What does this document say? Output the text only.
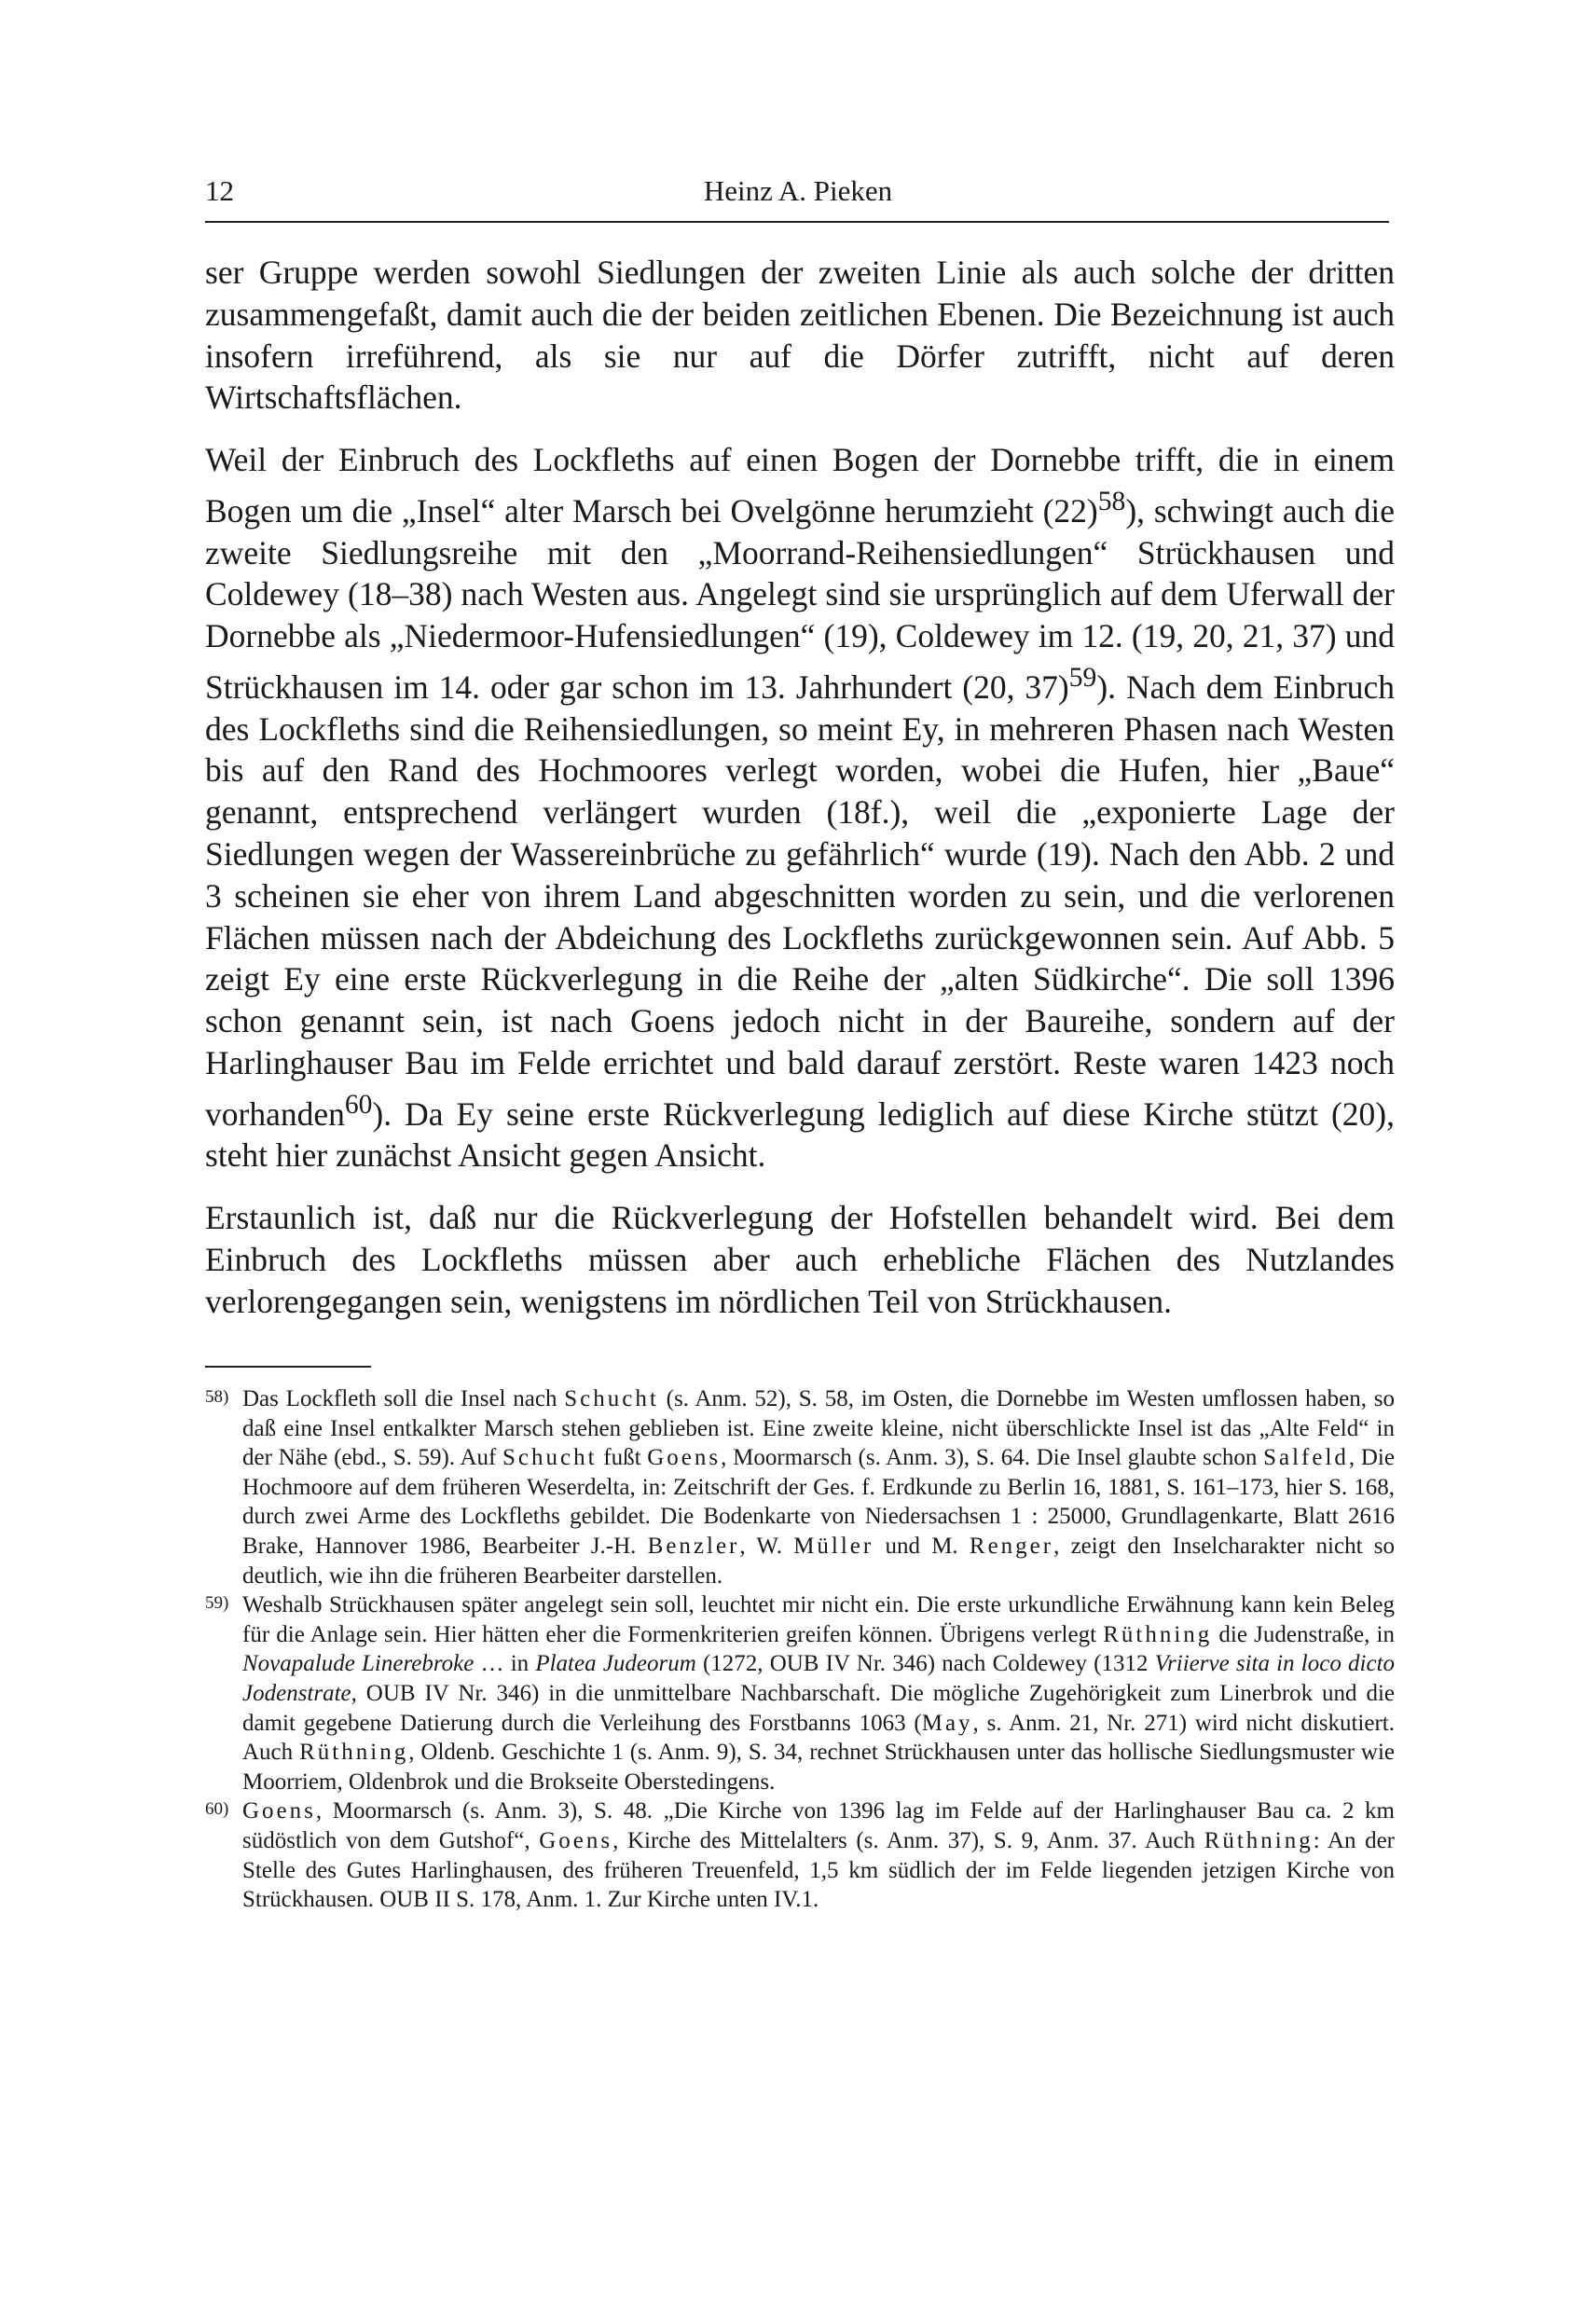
12	Heinz A. Pieken

ser Gruppe werden sowohl Siedlungen der zweiten Linie als auch solche der dritten zusammengefaßt, damit auch die der beiden zeitlichen Ebenen. Die Bezeichnung ist auch insofern irreführend, als sie nur auf die Dörfer zutrifft, nicht auf deren Wirtschaftsflächen.

Weil der Einbruch des Lockfleths auf einen Bogen der Dornebbe trifft, die in einem Bogen um die „Insel“ alter Marsch bei Ovelgönne herumzieht $(22)^{58}$), schwingt auch die zweite Siedlungsreihe mit den „Moorrand-Reihensiedlungen“ Strückhausen und Coldewey (18–38) nach Westen aus. Angelegt sind sie ursprünglich auf dem Uferwall der Dornebbe als „Niedermoor-Hufensiedlungen“ (19), Coldewey im 12. (19, 20, 21, 37) und Strückhausen im 14. oder gar schon im 13. Jahrhundert (20, 37)$^{59}$). Nach dem Einbruch des Lockfleths sind die Reihensiedlungen, so meint Ey, in mehreren Phasen nach Westen bis auf den Rand des Hochmoores verlegt worden, wobei die Hufen, hier „Baue“ genannt, entsprechend verlängert wurden (18f.), weil die „exponierte Lage der Siedlungen wegen der Wassereinbrüche zu gefährlich“ wurde (19). Nach den Abb. 2 und 3 scheinen sie eher von ihrem Land abgeschnitten worden zu sein, und die verlorenen Flächen müssen nach der Abdeichung des Lockfleths zurückgewonnen sein. Auf Abb. 5 zeigt Ey eine erste Rückverlegung in die Reihe der „alten Südkirche“. Die soll 1396 schon genannt sein, ist nach Goens jedoch nicht in der Baureihe, sondern auf der Harlinghauser Bau im Felde errichtet und bald darauf zerstört. Reste waren 1423 noch vorhanden$^{60}$). Da Ey seine erste Rückverlegung lediglich auf diese Kirche stützt (20), steht hier zunächst Ansicht gegen Ansicht.

Erstaunlich ist, daß nur die Rückverlegung der Hofstellen behandelt wird. Bei dem Einbruch des Lockfleths müssen aber auch erhebliche Flächen des Nutzlandes verlorengegangen sein, wenigstens im nördlichen Teil von Strückhausen.

58) Das Lockfleth soll die Insel nach Schucht (s. Anm. 52), S. 58, im Osten, die Dornebbe im Westen umflossen haben, so daß eine Insel entkalkter Marsch stehen geblieben ist. Eine zweite kleine, nicht überschlickte Insel ist das „Alte Feld“ in der Nähe (ebd., S. 59). Auf Schucht fußt Goens, Moormarsch (s. Anm. 3), S. 64. Die Insel glaubte schon Salfeld, Die Hochmoore auf dem früheren Weserdelta, in: Zeitschrift der Ges. f. Erdkunde zu Berlin 16, 1881, S. 161–173, hier S. 168, durch zwei Arme des Lockfleths gebildet. Die Bodenkarte von Niedersachsen 1 : 25000, Grundlagenkarte, Blatt 2616 Brake, Hannover 1986, Bearbeiter J.-H. Benzler, W. Müller und M. Renger, zeigt den Inselcharakter nicht so deutlich, wie ihn die früheren Bearbeiter darstellen.

59) Weshalb Strückhausen später angelegt sein soll, leuchtet mir nicht ein. Die erste urkundliche Erwähnung kann kein Beleg für die Anlage sein. Hier hätten eher die Formenkriterien greifen können. Übrigens verlegt Rüthning die Judenstraße, in Novapalude Linerebroke … in Platea Judeorum (1272, OUB IV Nr. 346) nach Coldewey (1312 Vriierve sita in loco dicto Jodenstrate, OUB IV Nr. 346) in die unmittelbare Nachbarschaft. Die mögliche Zugehörigkeit zum Linerbrok und die damit gegebene Datierung durch die Verleihung des Forstbanns 1063 (May, s. Anm. 21, Nr. 271) wird nicht diskutiert. Auch Rüthning, Oldenb. Geschichte 1 (s. Anm. 9), S. 34, rechnet Strückhausen unter das hollische Siedlungsmuster wie Moorriem, Oldenbrok und die Brokseite Oberstedingens.

60) Goens, Moormarsch (s. Anm. 3), S. 48. „Die Kirche von 1396 lag im Felde auf der Harlinghauser Bau ca. 2 km südöstlich von dem Gutshof“, Goens, Kirche des Mittelalters (s. Anm. 37), S. 9, Anm. 37. Auch Rüthning: An der Stelle des Gutes Harlinghausen, des früheren Treuenfeld, 1,5 km südlich der im Felde liegenden jetzigen Kirche von Strückhausen. OUB II S. 178, Anm. 1. Zur Kirche unten IV.1.
